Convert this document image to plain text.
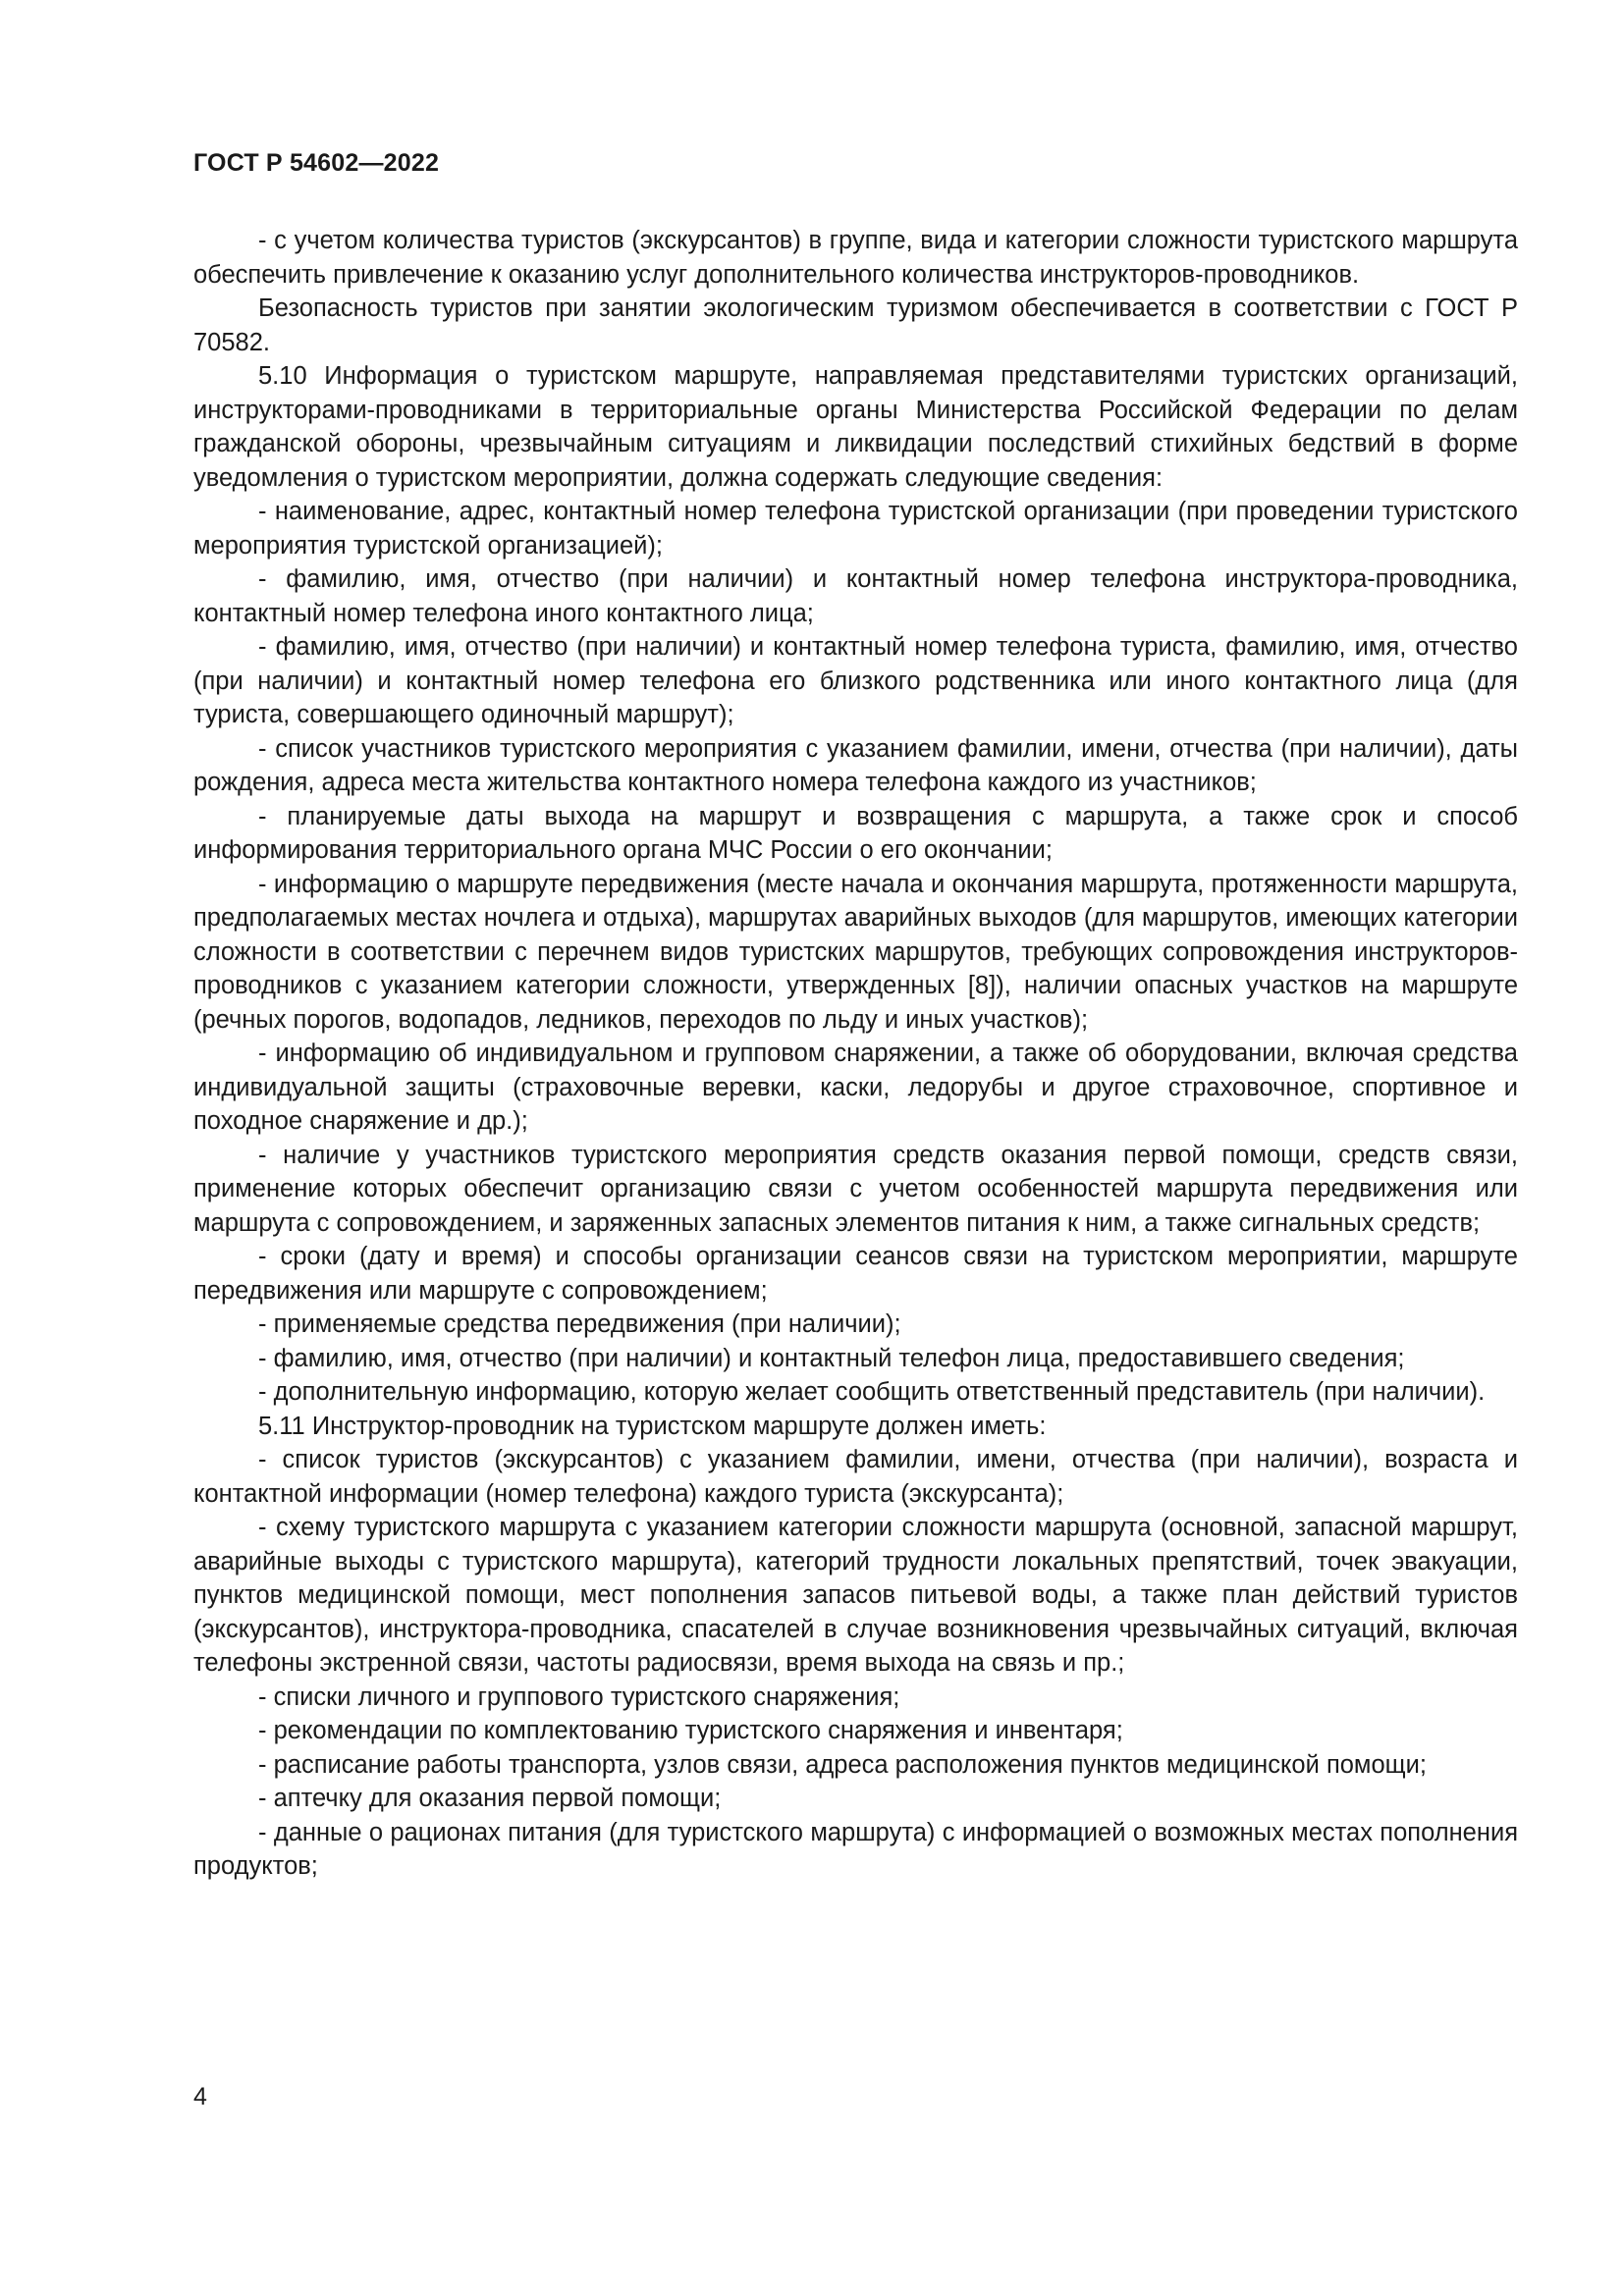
ГОСТ Р 54602—2022

- с учетом количества туристов (экскурсантов) в группе, вида и категории сложности туристского маршрута обеспечить привлечение к оказанию услуг дополнительного количества инструкторов-проводников.

Безопасность туристов при занятии экологическим туризмом обеспечивается в соответствии с ГОСТ Р 70582.

5.10 Информация о туристском маршруте, направляемая представителями туристских организаций, инструкторами-проводниками в территориальные органы Министерства Российской Федерации по делам гражданской обороны, чрезвычайным ситуациям и ликвидации последствий стихийных бедствий в форме уведомления о туристском мероприятии, должна содержать следующие сведения:

- наименование, адрес, контактный номер телефона туристской организации (при проведении туристского мероприятия туристской организацией);

- фамилию, имя, отчество (при наличии) и контактный номер телефона инструктора-проводника, контактный номер телефона иного контактного лица;

- фамилию, имя, отчество (при наличии) и контактный номер телефона туриста, фамилию, имя, отчество (при наличии) и контактный номер телефона его близкого родственника или иного контактного лица (для туриста, совершающего одиночный маршрут);

- список участников туристского мероприятия с указанием фамилии, имени, отчества (при наличии), даты рождения, адреса места жительства контактного номера телефона каждого из участников;

- планируемые даты выхода на маршрут и возвращения с маршрута, а также срок и способ информирования территориального органа МЧС России о его окончании;

- информацию о маршруте передвижения (месте начала и окончания маршрута, протяженности маршрута, предполагаемых местах ночлега и отдыха), маршрутах аварийных выходов (для маршрутов, имеющих категории сложности в соответствии с перечнем видов туристских маршрутов, требующих сопровождения инструкторов-проводников с указанием категории сложности, утвержденных [8]), наличии опасных участков на маршруте (речных порогов, водопадов, ледников, переходов по льду и иных участков);

- информацию об индивидуальном и групповом снаряжении, а также об оборудовании, включая средства индивидуальной защиты (страховочные веревки, каски, ледорубы и другое страховочное, спортивное и походное снаряжение и др.);

- наличие у участников туристского мероприятия средств оказания первой помощи, средств связи, применение которых обеспечит организацию связи с учетом особенностей маршрута передвижения или маршрута с сопровождением, и заряженных запасных элементов питания к ним, а также сигнальных средств;

- сроки (дату и время) и способы организации сеансов связи на туристском мероприятии, маршруте передвижения или маршруте с сопровождением;

- применяемые средства передвижения (при наличии);

- фамилию, имя, отчество (при наличии) и контактный телефон лица, предоставившего сведения;

- дополнительную информацию, которую желает сообщить ответственный представитель (при наличии).

5.11 Инструктор-проводник на туристском маршруте должен иметь:

- список туристов (экскурсантов) с указанием фамилии, имени, отчества (при наличии), возраста и контактной информации (номер телефона) каждого туриста (экскурсанта);

- схему туристского маршрута с указанием категории сложности маршрута (основной, запасной маршрут, аварийные выходы с туристского маршрута), категорий трудности локальных препятствий, точек эвакуации, пунктов медицинской помощи, мест пополнения запасов питьевой воды, а также план действий туристов (экскурсантов), инструктора-проводника, спасателей в случае возникновения чрезвычайных ситуаций, включая телефоны экстренной связи, частоты радиосвязи, время выхода на связь и пр.;

- списки личного и группового туристского снаряжения;

- рекомендации по комплектованию туристского снаряжения и инвентаря;

- расписание работы транспорта, узлов связи, адреса расположения пунктов медицинской помощи;

- аптечку для оказания первой помощи;

- данные о рационах питания (для туристского маршрута) с информацией о возможных местах пополнения продуктов;

4
